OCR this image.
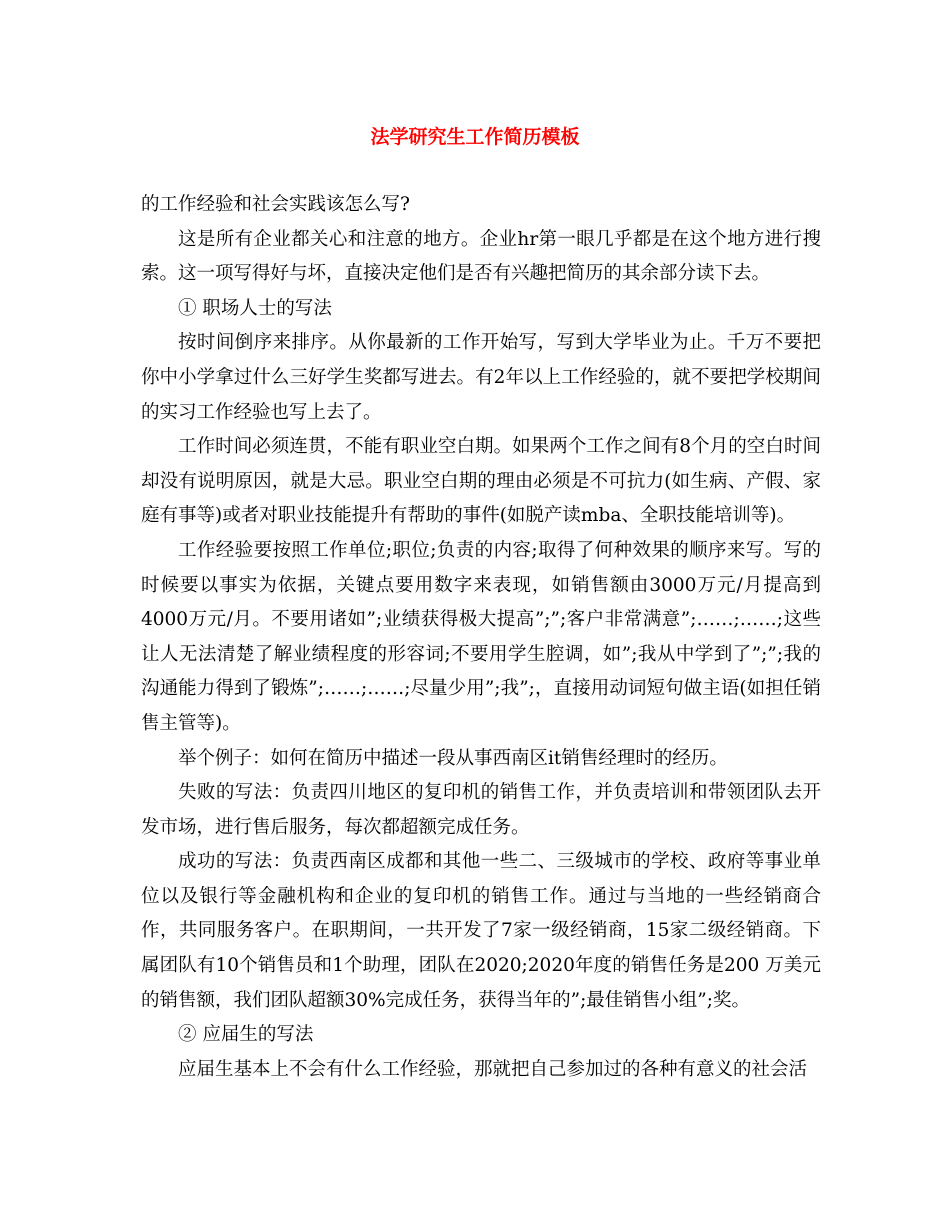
法学研究生工作简历模板

的工作经验和社会实践该怎么写?

这是所有企业都关心和注意的地方。企业hr第一眼几乎都是在这个地方进行搜索。这一项写得好与坏，直接决定他们是否有兴趣把简历的其余部分读下去。

① 职场人士的写法

按时间倒序来排序。从你最新的工作开始写，写到大学毕业为止。千万不要把你中小学拿过什么三好学生奖都写进去。有2年以上工作经验的，就不要把学校期间的实习工作经验也写上去了。

工作时间必须连贯，不能有职业空白期。如果两个工作之间有8个月的空白时间却没有说明原因，就是大忌。职业空白期的理由必须是不可抗力(如生病、产假、家庭有事等)或者对职业技能提升有帮助的事件(如脱产读mba、全职技能培训等)。

工作经验要按照工作单位;职位;负责的内容;取得了何种效果的顺序来写。写的时候要以事实为依据，关键点要用数字来表现，如销售额由3000万元/月提高到4000万元/月。不要用诸如”;业绩获得极大提高”;”;客户非常满意”;……;……;这些让人无法清楚了解业绩程度的形容词;不要用学生腔调，如”;我从中学到了”;”;我的沟通能力得到了锻炼”;……;……;尽量少用”;我”;，直接用动词短句做主语(如担任销售主管等)。

举个例子：如何在简历中描述一段从事西南区it销售经理时的经历。

失败的写法：负责四川地区的复印机的销售工作，并负责培训和带领团队去开发市场，进行售后服务，每次都超额完成任务。

成功的写法：负责西南区成都和其他一些二、三级城市的学校、政府等事业单位以及银行等金融机构和企业的复印机的销售工作。通过与当地的一些经销商合作，共同服务客户。在职期间，一共开发了7家一级经销商，15家二级经销商。下属团队有10个销售员和1个助理，团队在2020;2020年度的销售任务是200 万美元的销售额，我们团队超额30%完成任务，获得当年的”;最佳销售小组”;奖。

② 应届生的写法

应届生基本上不会有什么工作经验，那就把自己参加过的各种有意义的社会活
